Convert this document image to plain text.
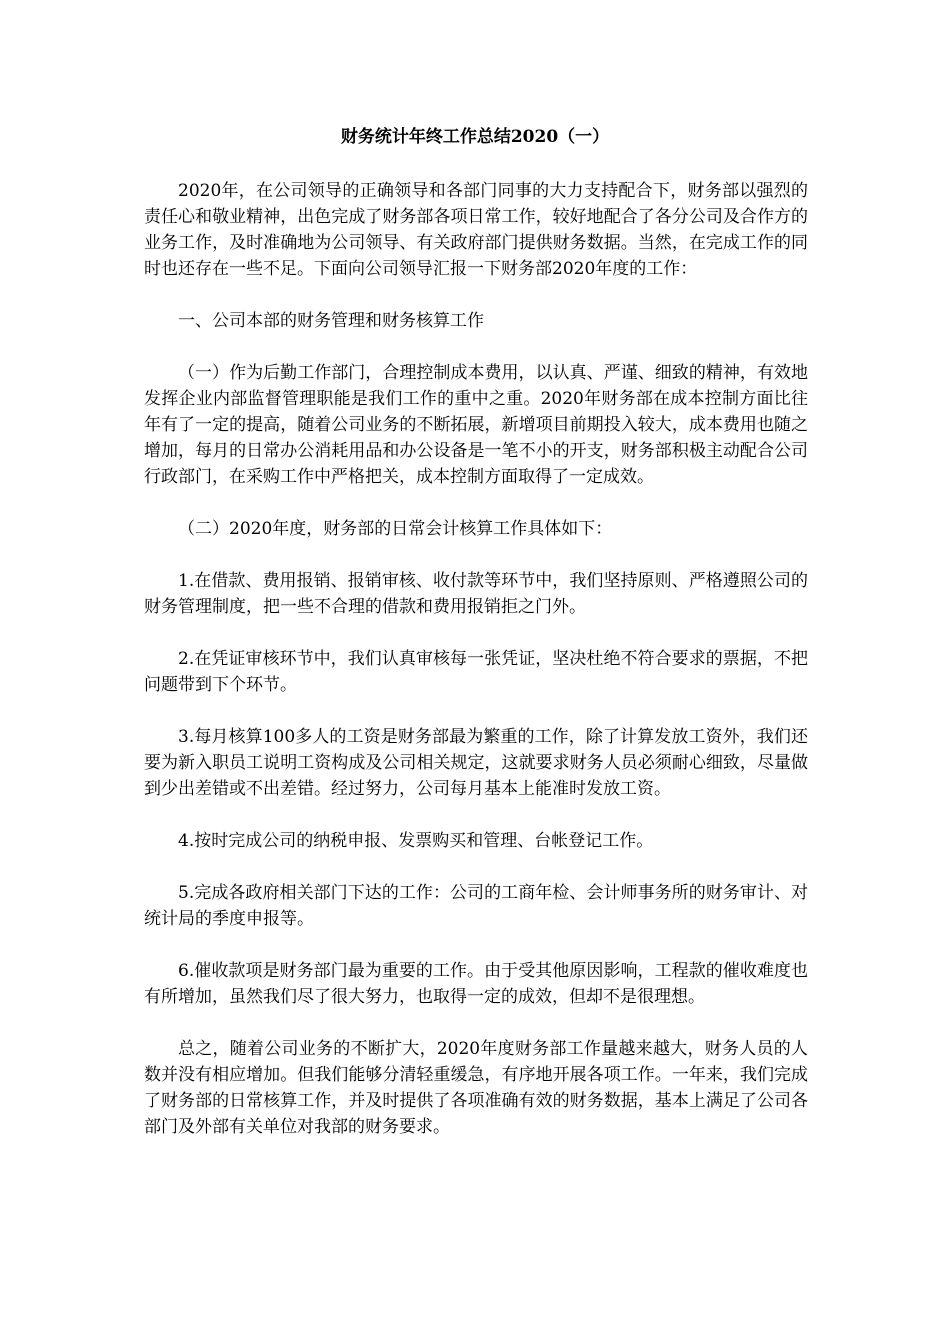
财务统计年终工作总结2020（一）

2020年，在公司领导的正确领导和各部门同事的大力支持配合下，财务部以强烈的责任心和敬业精神，出色完成了财务部各项日常工作，较好地配合了各分公司及合作方的业务工作，及时准确地为公司领导、有关政府部门提供财务数据。当然，在完成工作的同时也还存在一些不足。下面向公司领导汇报一下财务部2020年度的工作：

一、公司本部的财务管理和财务核算工作

（一）作为后勤工作部门，合理控制成本费用，以认真、严谨、细致的精神，有效地发挥企业内部监督管理职能是我们工作的重中之重。2020年财务部在成本控制方面比往年有了一定的提高，随着公司业务的不断拓展，新增项目前期投入较大，成本费用也随之增加，每月的日常办公消耗用品和办公设备是一笔不小的开支，财务部积极主动配合公司行政部门，在采购工作中严格把关，成本控制方面取得了一定成效。

（二）2020年度，财务部的日常会计核算工作具体如下：

1.在借款、费用报销、报销审核、收付款等环节中，我们坚持原则、严格遵照公司的财务管理制度，把一些不合理的借款和费用报销拒之门外。

2.在凭证审核环节中，我们认真审核每一张凭证，坚决杜绝不符合要求的票据，不把问题带到下个环节。

3.每月核算100多人的工资是财务部最为繁重的工作，除了计算发放工资外，我们还要为新入职员工说明工资构成及公司相关规定，这就要求财务人员必须耐心细致，尽量做到少出差错或不出差错。经过努力，公司每月基本上能准时发放工资。

4.按时完成公司的纳税申报、发票购买和管理、台帐登记工作。

5.完成各政府相关部门下达的工作：公司的工商年检、会计师事务所的财务审计、对统计局的季度申报等。

6.催收款项是财务部门最为重要的工作。由于受其他原因影响，工程款的催收难度也有所增加，虽然我们尽了很大努力，也取得一定的成效，但却不是很理想。

总之，随着公司业务的不断扩大，2020年度财务部工作量越来越大，财务人员的人数并没有相应增加。但我们能够分清轻重缓急，有序地开展各项工作。一年来，我们完成了财务部的日常核算工作，并及时提供了各项准确有效的财务数据，基本上满足了公司各部门及外部有关单位对我部的财务要求。
